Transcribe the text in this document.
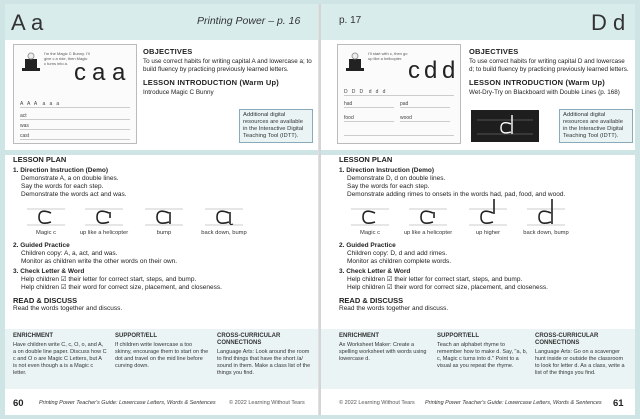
A a	Printing Power – p. 16
I'm the Magic C Bunny. I'll give c a ride, then Magic c turns into a. c a a
A   A   A    a   a   a
act
was
cast
OBJECTIVES

To use correct habits for writing capital A and lowercase a; to build fluency by practicing previously learned letters.

LESSON INTRODUCTION (Warm Up)

Introduce Magic C Bunny

Additional digital resources are available in the Interactive Digital Teaching Tool (IDTT).
LESSON PLAN
1. Direction Instruction (Demo)
Demonstrate A, a on double lines.
Say the words for each step.
Demonstrate the words act and was.
Magic c	up like a helicopter	bump	back down, bump
2. Guided Practice
Children copy: A, a, act, and was.
Monitor as children write the other words on their own.
3. Check Letter & Word
Help children ☑ their letter for correct start, steps, and bump.
Help children ☑ their word for correct size, placement, and closeness.
READ & DISCUSS
Read the words together and discuss.
ENRICHMENT
Have children write C, c, O, o, and A, a on double line paper. Discuss how C c and O o are Magic C Letters, but A is not even though a is a Magic c letter.
SUPPORT/ELL
If children write lowercase a too skinny, encourage them to start on the dot and travel on the mid line before curving down.
CROSS-CURRICULAR CONNECTIONS
Language Arts: Look around the room to find things that have the short /a/ sound in them. Make a class list of the things you find.
60	Printing Power Teacher's Guide: Lowercase Letters, Words & Sentences © 2022 Learning Without Tears
p. 17	D d
I'll start with c, then go up like a helicopter. c d d
D   D   D    d   d   d
had	pad
food	wood

OBJECTIVES

To use correct habits for writing capital D and lowercase d; to build fluency by practicing previously learned letters.

LESSON INTRODUCTION (Warm Up)

Wet-Dry-Try on Blackboard with Double Lines (p. 168)

Additional digital resources are available in the Interactive Digital Teaching Tool (IDTT).
LESSON PLAN
1. Direction Instruction (Demo)
Demonstrate D, d on double lines.
Say the words for each step.
Demonstrate adding rimes to onsets in the words had, pad, food, and wood.
Magic c	up like a helicopter	up higher	back down, bump
2. Guided Practice
Children copy: D, d and add rimes.
Monitor as children complete words.
3. Check Letter & Word
Help children ☑ their letter for correct start, steps, and bump.
Help children ☑ their word for correct size, placement, and closeness.
READ & DISCUSS
Read the words together and discuss.
ENRICHMENT
Ax Worksheet Maker: Create a spelling worksheet with words using lowercase d.
SUPPORT/ELL
Teach an alphabet rhyme to remember how to make d. Say, "a, b, c, Magic c turns into d." Point to a visual as you repeat the rhyme.
CROSS-CURRICULAR CONNECTIONS
Language Arts: Go on a scavenger hunt inside or outside the classroom to look for letter d. As a class, write a list of the things you find.
© 2022 Learning Without Tears Printing Power Teacher's Guide: Lowercase Letters, Words & Sentences 61
